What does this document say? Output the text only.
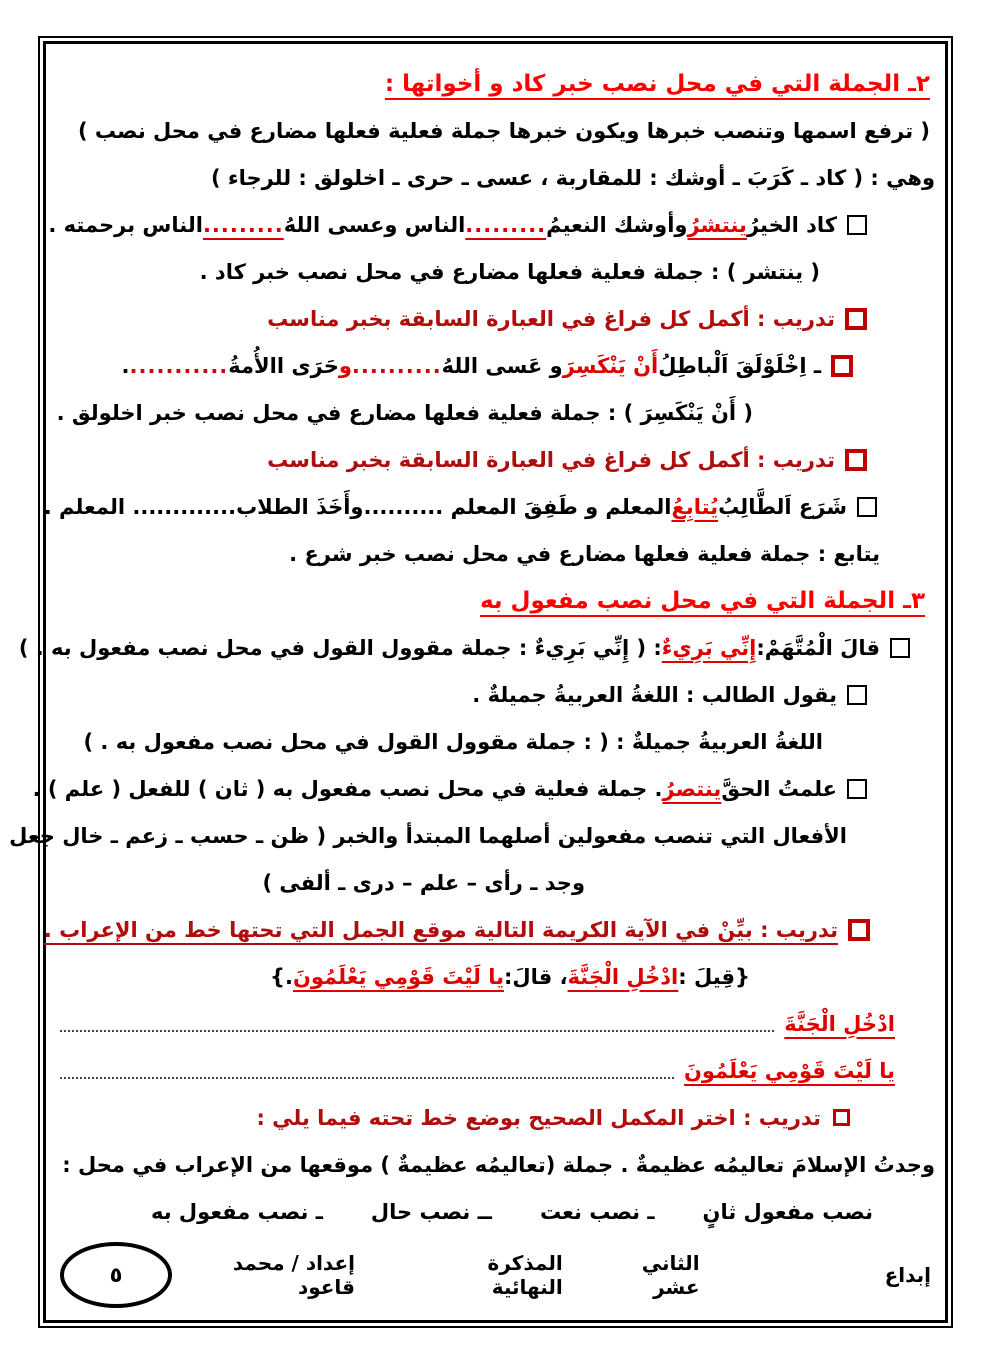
٢ـ الجملة التي في محل نصب خبر كاد و أخواتها :
( ترفع اسمها وتنصب خبرها ويكون خبرها جملة فعلية فعلها مضارع في محل نصب )
وهي : ( كاد ـ كَرَبَ ـ أوشك : للمقاربة ، عسى ـ حرى ـ اخلولق : للرجاء )
كاد الخيرُ
ينتشرُ
وأوشك النعيمُ
.........
الناس وعسى اللهُ
.........
الناس برحمته .
( ينتشر ) : جملة فعلية فعلها مضارع في محل نصب خبر كاد .
تدريب : أكمل كل فراغ في العبارة السابقة بخبر مناسب
ـ اِخْلَوْلَقَ اَلْباطِلُ
أَنْ يَنْكَسِرَ
و عَسى اللهُ
..........
و
حَرَى االأُمةُ
...........
.
( أَنْ يَنْكَسِرَ ) : جملة فعلية فعلها مضارع في محل نصب خبر اخلولق .
تدريب : أكمل كل فراغ في العبارة السابقة بخبر مناسب
شَرَع اَلطَّالِبُ
يُتابِعُ
المعلم و طَفِقَ المعلم ..........وأَخَذَ الطلاب............. المعلم .
يتابع : جملة فعلية فعلها مضارع في محل نصب خبر شرع .
٣ـ الجملة التي في محل نصب مفعول به
قالَ الْمُتَّهَمْ:
إِنِّي بَرِيءٌ
: ( إِنِّي بَرِيءٌ : جملة مقوول القول في محل نصب مفعول به . )
يقول الطالب : اللغةُ العربيةُ جميلةٌ .
اللغةُ العربيةُ جميلةٌ : ( : جملة مقوول القول في محل نصب مفعول به . )
علمتُ الحقَّ
ينتصرُ
. جملة فعلية في محل نصب مفعول به ( ثان ) للفعل ( علم ) .
الأفعال التي تنصب مفعولين أصلهما المبتدأ والخبر ( ظن ـ حسب ـ زعم ـ خال جعل
وجد ـ رأى – علم – درى ـ ألفى )
تدريب : بيِّنْ في الآية الكريمة التالية موقع الجمل التي تحتها خط من الإعراب .
{قِيلَ :
ادْخُلِ الْجَنَّةَ
، قالَ:
يا لَيْتَ قَوْمِي يَعْلَمُونَ
.}
ادْخُلِ الْجَنَّةَ
يا لَيْتَ قَوْمِي يَعْلَمُونَ
تدريب : اختر المكمل الصحيح بوضع خط تحته فيما يلي :
وجدتُ الإسلامَ تعاليمُه عظيمةٌ . جملة (تعاليمُه عظيمةٌ ) موقعها من الإعراب في محل :
نصب مفعول ثانٍ
ـ نصب نعت
ــ نصب حال
ـ نصب مفعول به
إبداع
الثاني عشر
المذكرة النهائية
إعداد / محمد قاعود
٥
